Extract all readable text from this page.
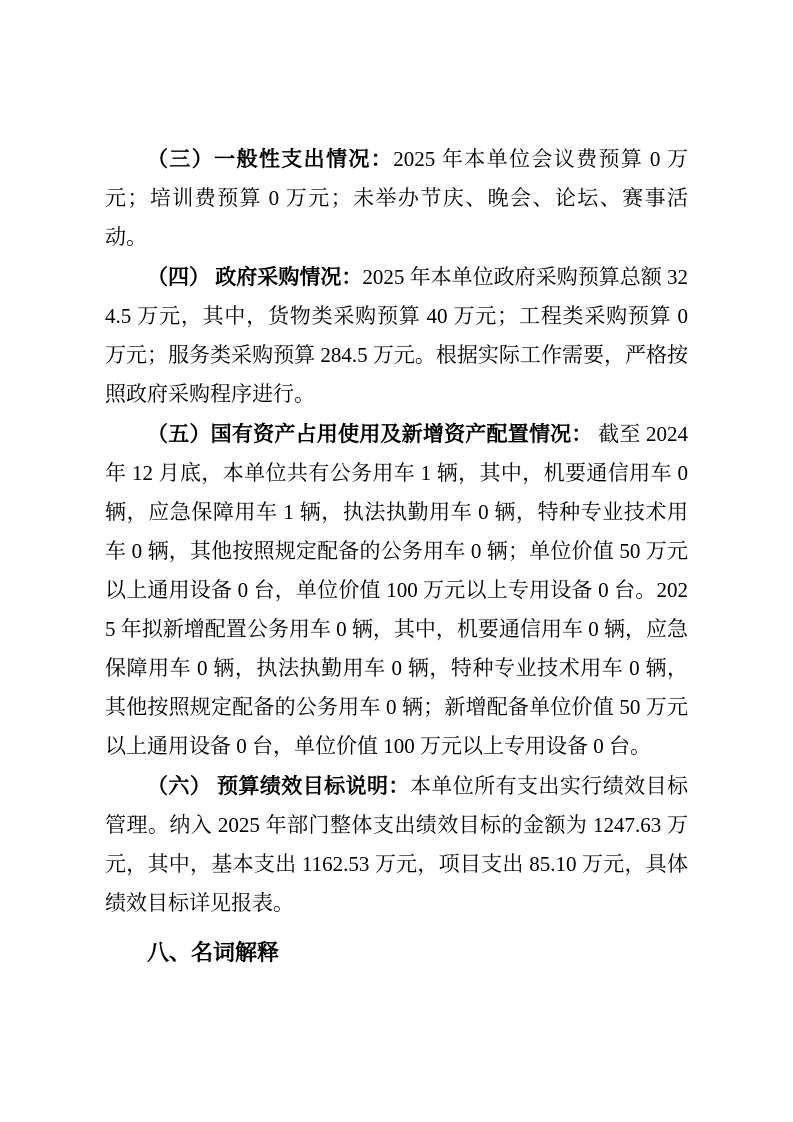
（三）一般性支出情况：2025 年本单位会议费预算 0 万元；培训费预算 0 万元；未举办节庆、晚会、论坛、赛事活动。

（四） 政府采购情况：2025 年本单位政府采购预算总额 324.5 万元，其中，货物类采购预算 40 万元；工程类采购预算 0 万元；服务类采购预算 284.5 万元。根据实际工作需要，严格按照政府采购程序进行。

（五）国有资产占用使用及新增资产配置情况： 截至 2024 年 12 月底，本单位共有公务用车 1 辆，其中，机要通信用车 0 辆，应急保障用车 1 辆，执法执勤用车 0 辆，特种专业技术用车 0 辆，其他按照规定配备的公务用车 0 辆；单位价值 50 万元以上通用设备 0 台，单位价值 100 万元以上专用设备 0 台。2025 年拟新增配置公务用车 0 辆，其中，机要通信用车 0 辆，应急保障用车 0 辆，执法执勤用车 0 辆，特种专业技术用车 0 辆，其他按照规定配备的公务用车 0 辆；新增配备单位价值 50 万元以上通用设备 0 台，单位价值 100 万元以上专用设备 0 台。

（六） 预算绩效目标说明：本单位所有支出实行绩效目标管理。纳入 2025 年部门整体支出绩效目标的金额为 1247.63 万元，其中，基本支出 1162.53 万元，项目支出 85.10 万元，具体绩效目标详见报表。

八、名词解释
